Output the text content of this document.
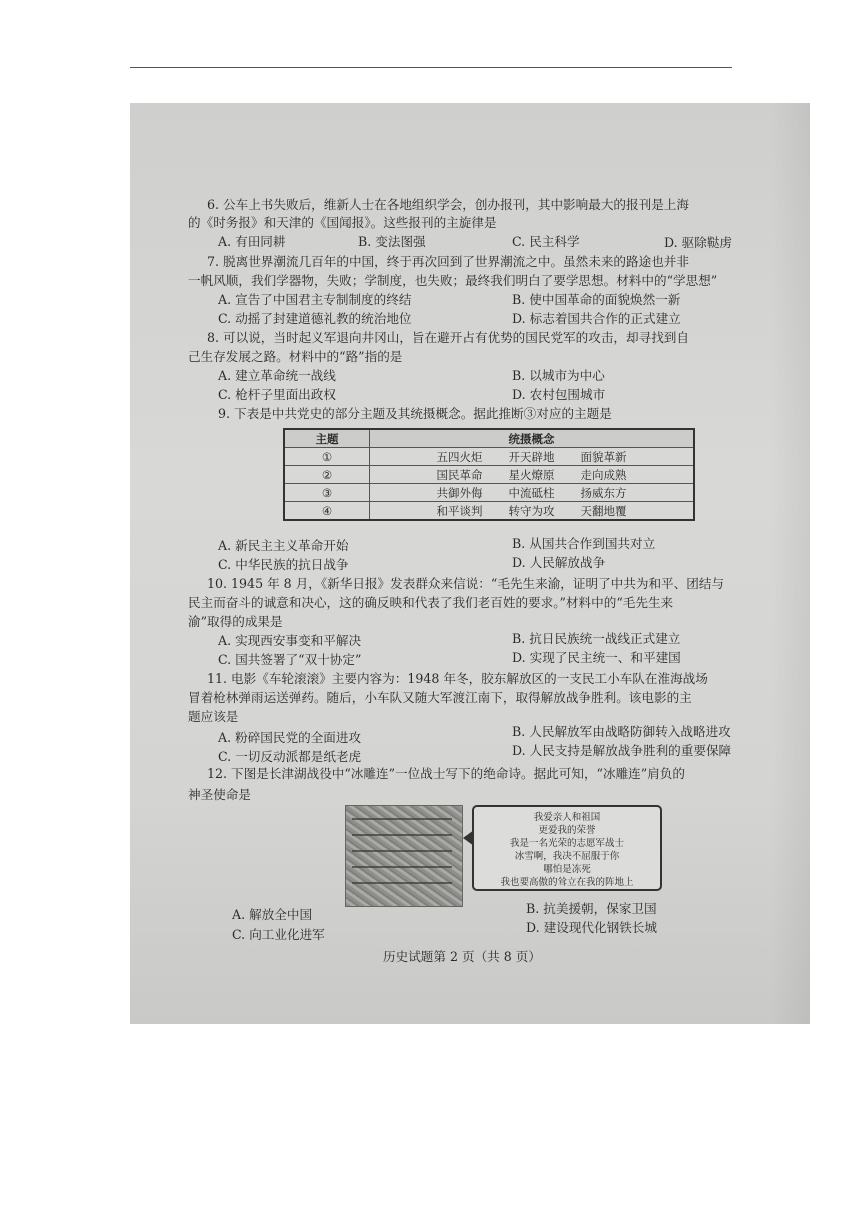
6. 公车上书失败后，维新人士在各地组织学会，创办报刊，其中影响最大的报刊是上海
的《时务报》和天津的《国闻报》。这些报刊的主旋律是
A. 有田同耕	B. 变法图强	C. 民主科学	D. 驱除鞑虏
7. 脱离世界潮流几百年的中国，终于再次回到了世界潮流之中。虽然未来的路途也并非
一帆风顺，我们学器物，失败；学制度，也失败；最终我们明白了要学思想。材料中的“学思想”
A. 宣告了中国君主专制制度的终结	B. 使中国革命的面貌焕然一新
C. 动摇了封建道德礼教的统治地位	D. 标志着国共合作的正式建立
8. 可以说，当时起义军退向井冈山，旨在避开占有优势的国民党军的攻击，却寻找到自
己生存发展之路。材料中的“路”指的是
A. 建立革命统一战线	B. 以城市为中心
C. 枪杆子里面出政权	D. 农村包围城市
9. 下表是中共党史的部分主题及其统摄概念。据此推断③对应的主题是
主题	统摄概念
①	五四火炬 开天辟地 面貌革新
②	国民革命 星火燎原 走向成熟
③	共御外侮 中流砥柱 扬威东方
④	和平谈判 转守为攻 天翻地覆
A. 新民主主义革命开始	B. 从国共合作到国共对立
C. 中华民族的抗日战争	D. 人民解放战争
10. 1945 年 8 月，《新华日报》发表群众来信说：“毛先生来渝，证明了中共为和平、团结与
民主而奋斗的诚意和决心，这的确反映和代表了我们老百姓的要求。”材料中的“毛先生来
渝”取得的成果是
A. 实现西安事变和平解决	B. 抗日民族统一战线正式建立
C. 国共签署了“双十协定”	D. 实现了民主统一、和平建国
11. 电影《车轮滚滚》主要内容为：1948 年冬，胶东解放区的一支民工小车队在淮海战场
冒着枪林弹雨运送弹药。随后，小车队又随大军渡江南下，取得解放战争胜利。该电影的主
题应该是
A. 粉碎国民党的全面进攻	B. 人民解放军由战略防御转入战略进攻
C. 一切反动派都是纸老虎	D. 人民支持是解放战争胜利的重要保障
12. 下图是长津湖战役中“冰雕连”一位战士写下的绝命诗。据此可知，“冰雕连”肩负的
神圣使命是
我爱亲人和祖国
更爱我的荣誉
我是一名光荣的志愿军战士
冰雪啊，我决不屈服于你
哪怕是冻死
我也要高傲的耸立在我的阵地上
A. 解放全中国	B. 抗美援朝，保家卫国
C. 向工业化进军	D. 建设现代化钢铁长城
历史试题第 2 页（共 8 页）
